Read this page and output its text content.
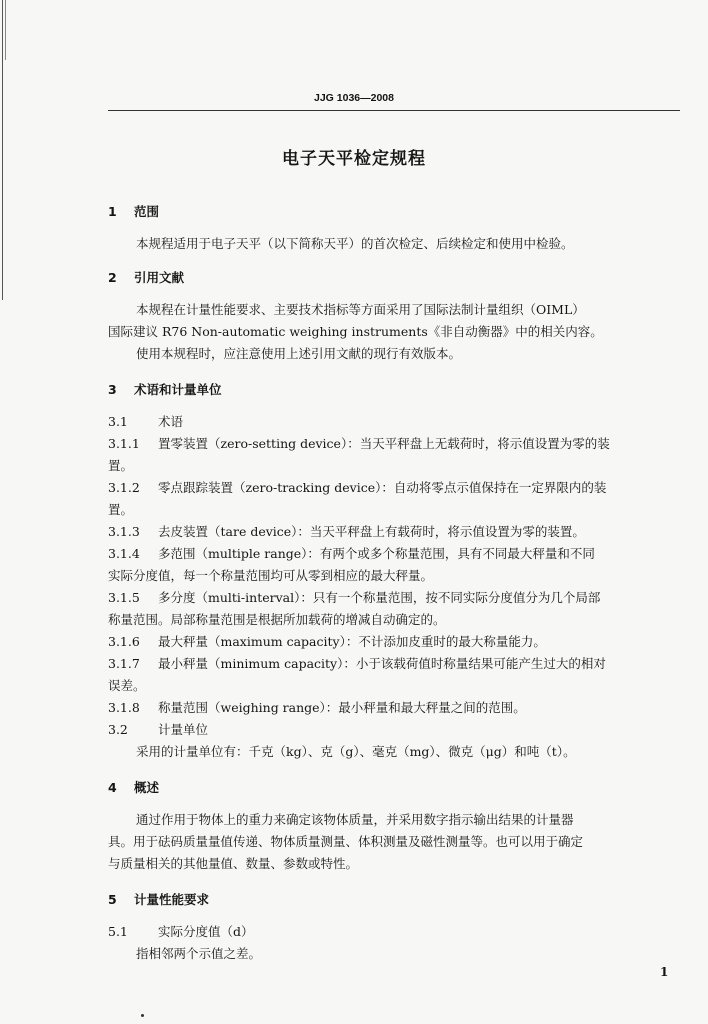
JJG 1036—2008
电子天平检定规程
1 范围
本规程适用于电子天平（以下简称天平）的首次检定、后续检定和使用中检验。
2 引用文献
本规程在计量性能要求、主要技术指标等方面采用了国际法制计量组织（OIML）
国际建议 R76 Non-automatic weighing instruments《非自动衡器》中的相关内容。
使用本规程时，应注意使用上述引用文献的现行有效版本。
3 术语和计量单位
3.1 术语
3.1.1 置零装置（zero-setting device）：当天平秤盘上无载荷时，将示值设置为零的装
置。
3.1.2 零点跟踪装置（zero-tracking device）：自动将零点示值保持在一定界限内的装
置。
3.1.3 去皮装置（tare device）：当天平秤盘上有载荷时，将示值设置为零的装置。
3.1.4 多范围（multiple range）：有两个或多个称量范围，具有不同最大秤量和不同
实际分度值，每一个称量范围均可从零到相应的最大秤量。
3.1.5 多分度（multi-interval）：只有一个称量范围，按不同实际分度值分为几个局部
称量范围。局部称量范围是根据所加载荷的增减自动确定的。
3.1.6 最大秤量（maximum capacity）：不计添加皮重时的最大称量能力。
3.1.7 最小秤量（minimum capacity）：小于该载荷值时称量结果可能产生过大的相对
误差。
3.1.8 称量范围（weighing range）：最小秤量和最大秤量之间的范围。
3.2 计量单位
采用的计量单位有：千克（kg）、克（g）、毫克（mg）、微克（μg）和吨（t）。
4 概述
通过作用于物体上的重力来确定该物体质量，并采用数字指示输出结果的计量器
具。用于砝码质量量值传递、物体质量测量、体积测量及磁性测量等。也可以用于确定
与质量相关的其他量值、数量、参数或特性。
5 计量性能要求
5.1 实际分度值（d）
指相邻两个示值之差。
1
